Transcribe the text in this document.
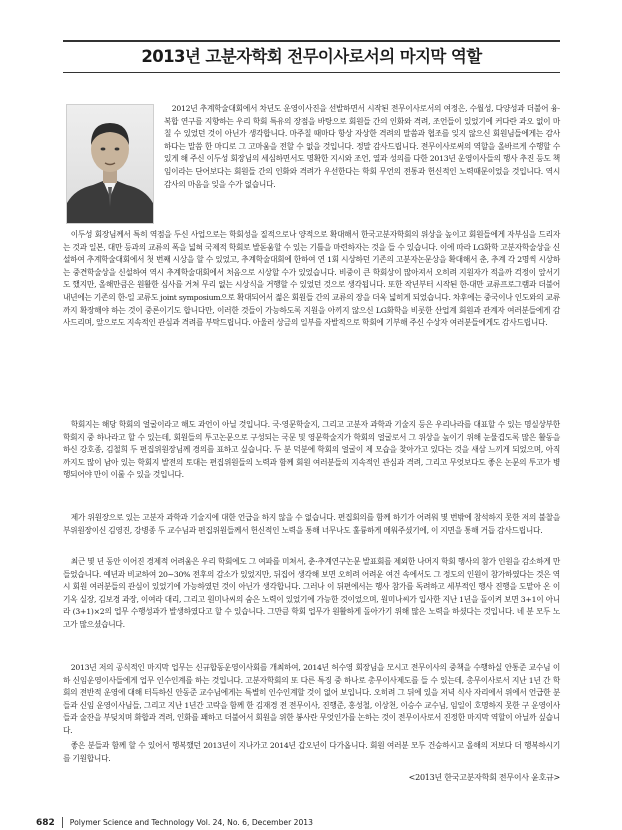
2013년 고분자학회 전무이사로서의 마지막 역할

2012년 추계학술대회에서 차년도 운영이사진을 선발하면서 시작된 전무이사로서의 여정은, 수월성, 다양성과 더불어 융·복합 연구를 지향하는 우리 학회 특유의 장점을 바탕으로 회원들 간의 인화와 격려, 조언들이 있었기에 커다란 과오 없이 마칠 수 있었던 것이 아닌가 생각합니다. 마주칠 때마다 항상 자상한 격려의 말씀과 협조를 잊지 않으신 회원님들에게는 감사하다는 말씀 한 마디로 그 고마움을 전할 수 없을 것입니다. 정말 감사드립니다. 전무이사로써의 역할을 올바르게 수행할 수 있게 해 주신 이두성 회장님의 세심하면서도 명확한 지시와 조언, 열과 성의를 다한 2013년 운영이사들의 행사 추진 등도 책임이라는 단어보다는 회원들 간의 인화와 격려가 우선한다는 학회 무언의 전통과 헌신적인 노력때문이었을 것입니다. 역시 감사의 마음을 잊을 수가 없습니다.

이두성 회장님께서 특히 역점을 두신 사업으로는 학회성을 질적으로나 양적으로 확대해서 한국고분자학회의 위상을 높이고 회원들에게 자부심을 드리자는 것과 일본, 대만 등과의 교류의 폭을 넓혀 국제적 학회로 발돋움할 수 있는 기틀을 마련하자는 것을 들 수 있습니다. 이에 따라 LG화학 고분자학술상을 신설하여 추계학술대회에서 첫 번째 시상을 할 수 있었고, 추계학술대회에 한하여 연 1회 시상하던 기존의 고분자논문상을 확대해서 춘, 추계 각 2명씩 시상하는 중견학술상을 신설하여 역시 추계학술대회에서 처음으로 시상할 수가 있었습니다. 비중이 큰 학회상이 많아져서 오히려 지원자가 적을까 걱정이 앞서기도 했지만, 올해만큼은 원활한 심사를 거쳐 무리 없는 시상식을 거행할 수 있었던 것으로 생각됩니다. 또한 작년부터 시작된 한-대만 교류프로그램과 더불어 내년에는 기존의 한-일 교류도 joint symposium으로 확대되어서 젊은 회원들 간의 교류의 장을 더욱 넓히게 되었습니다. 차후에는 중국이나 인도와의 교류까지 확장해야 하는 것이 중론이기도 합니다만, 이러한 것들이 가능하도록 지원을 아끼지 않으신 LG화학을 비롯한 산업계 회원과 관계자 여러분들에게 감사드리며, 앞으로도 지속적인 관심과 격려를 부탁드립니다. 아울러 상금의 일부를 자발적으로 학회에 기부해 주신 수상자 여러분들에게도 감사드립니다.

학회지는 해당 학회의 얼굴이라고 해도 과언이 아닐 것입니다. 국·영문학술지, 그리고 고분자 과학과 기술지 등은 우리나라를 대표할 수 있는 명실상부한 학회지 중 하나라고 할 수 있는데, 회원들의 투고논문으로 구성되는 국문 및 영문학술지가 학회의 얼굴로서 그 위상을 높이기 위해 눈물겹도록 많은 활동을 하신 강호종, 김철희 두 편집위원장님께 경의를 표하고 싶습니다. 두 분 덕분에 학회의 얼굴이 제 모습을 찾아가고 있다는 것을 새삼 느끼게 되었으며, 아직까지도 많이 남아 있는 학회지 발전의 토대는 편집위원들의 노력과 함께 회원 여러분들의 지속적인 관심과 격려, 그리고 무엇보다도 좋은 논문의 투고가 병행되어야 만이 이룰 수 있을 것입니다.

제가 위원장으로 있는 고분자 과학과 기술지에 대한 언급을 하지 않을 수 없습니다. 편집회의를 함께 하기가 어려워 몇 번밖에 참석하지 못한 저의 불찰을 부위원장이신 김영진, 강병종 두 교수님과 편집위원들께서 헌신적인 노력을 통해 너무나도 훌륭하게 메워주셨기에, 이 지면을 통해 거듭 감사드립니다.

최근 몇 년 동안 이어진 경제적 어려움은 우리 학회에도 그 여파를 미쳐서, 춘·추계연구논문 발표회를 제외한 나머지 학회 행사의 참가 인원을 감소하게 만들었습니다. 예년과 비교하여 20∼30% 전후의 감소가 있었지만, 뒤집어 생각해 보면 오히려 어려운 여건 속에서도 그 정도의 인원이 참가하였다는 것은 역시 회원 여러분들의 관심이 있었기에 가능하였던 것이 아닌가 생각합니다. 그러나 이 뒤편에서는 행사 참가를 독려하고 세부적인 행사 진행을 도맡아 온 이기옥 실장, 김보경 과장, 이여라 대리, 그리고 원미나씨의 숨은 노력이 있었기에 가능한 것이었으며, 원미나씨가 입사한 지난 1년을 돌이켜 보면 3+1이 아니라 (3+1)×2의 업무 수행성과가 발생하였다고 할 수 있습니다. 그만큼 학회 업무가 원활하게 돌아가기 위해 많은 노력을 하셨다는 것입니다. 네 분 모두 노고가 많으셨습니다.

2013년 저의 공식적인 마지막 업무는 신규합동운영이사회를 개최하여, 2014년 허수영 회장님을 모시고 전무이사의 중책을 수행하실 안통준 교수님 이하 신임운영이사들에게 업무 인수인계를 하는 것입니다. 고분자학회의 또 다른 특징 중 하나로 총무이사제도를 들 수 있는데, 총무이사로서 지난 1년 간 학회의 전반적 운영에 대해 터득하신 안동준 교수님에게는 특별히 인수인계할 것이 없어 보입니다. 오히려 그 뒤에 있을 저녁 식사 자리에서 위에서 언급한 분들과 신임 운영이사님들, 그리고 지난 1년간 고락을 함께 한 김재경 전 전무이사, 진행준, 홍성철, 이상천, 이승수 교수님, 임일이 호명하지 못한 구 운영이사들과 술잔을 부딪치며 화합과 격려, 인화를 꽤하고 더불어서 회원을 위한 봉사란 무엇인가를 논하는 것이 전무이사로서 진정한 마지막 역할이 아닐까 싶습니다.

좋은 분들과 함께 할 수 있어서 행복했던 2013년이 지나가고 2014년 갑오년이 다가옵니다. 회원 여러분 모두 건승하시고 올해의 저보다 더 행복하시기를 기원합니다.

<2013년 한국고분자학회 전무이사 윤호규>

682 Polymer Science and Technology Vol. 24, No. 6, December 2013
